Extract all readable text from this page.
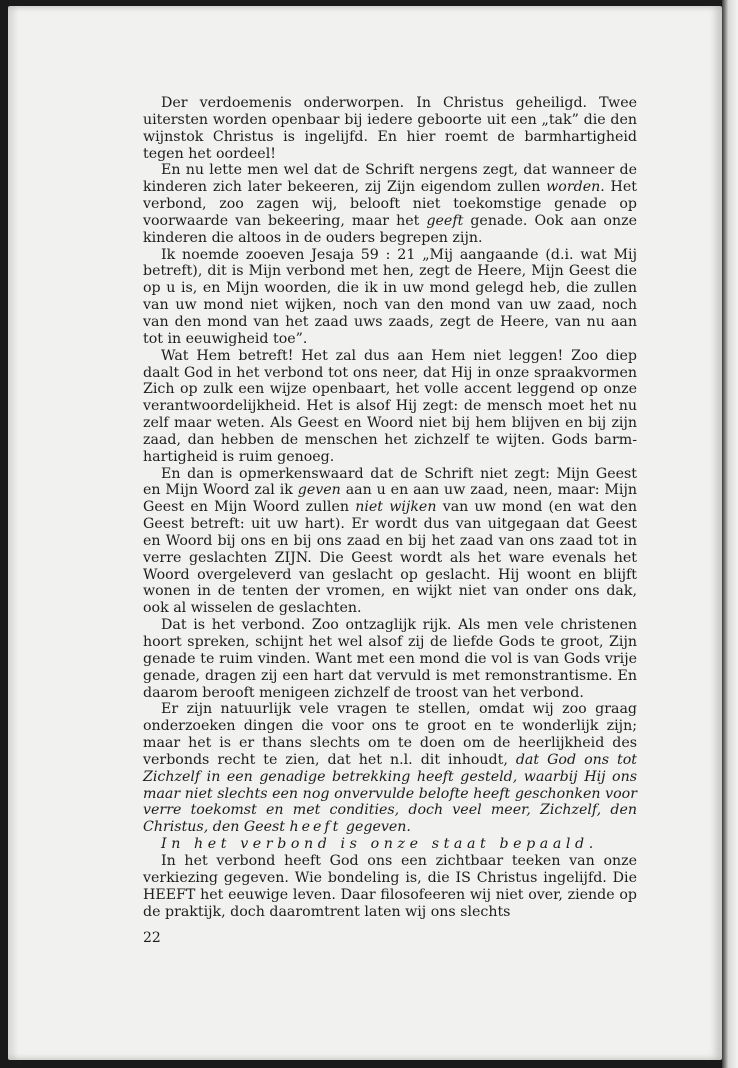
Der verdoemenis onderworpen. In Christus geheiligd. Twee uitersten worden openbaar bij iedere geboorte uit een „tak” die den wijnstok Christus is ingelijfd. En hier roemt de barmhartigheid tegen het oordeel!

En nu lette men wel dat de Schrift nergens zegt, dat wanneer de kinderen zich later bekeeren, zij Zijn eigendom zullen worden. Het verbond, zoo zagen wij, belooft niet toekomstige genade op voorwaarde van bekeering, maar het geeft genade. Ook aan onze kinderen die altoos in de ouders begrepen zijn.

Ik noemde zooeven Jesaja 59 : 21 „Mij aangaande (d.i. wat Mij betreft), dit is Mijn verbond met hen, zegt de Heere, Mijn Geest die op u is, en Mijn woorden, die ik in uw mond gelegd heb, die zullen van uw mond niet wijken, noch van den mond van uw zaad, noch van den mond van het zaad uws zaads, zegt de Heere, van nu aan tot in eeuwigheid toe”.

Wat Hem betreft! Het zal dus aan Hem niet leggen! Zoo diep daalt God in het verbond tot ons neer, dat Hij in onze spraakvormen Zich op zulk een wijze openbaart, het volle accent leggend op onze verantwoordelijkheid. Het is alsof Hij zegt: de mensch moet het nu zelf maar weten. Als Geest en Woord niet bij hem blijven en bij zijn zaad, dan hebben de menschen het zichzelf te wijten. Gods barm-hartigheid is ruim genoeg.

En dan is opmerkenswaard dat de Schrift niet zegt: Mijn Geest en Mijn Woord zal ik geven aan u en aan uw zaad, neen, maar: Mijn Geest en Mijn Woord zullen niet wijken van uw mond (en wat den Geest betreft: uit uw hart). Er wordt dus van uitgegaan dat Geest en Woord bij ons en bij ons zaad en bij het zaad van ons zaad tot in verre geslachten ZIJN. Die Geest wordt als het ware evenals het Woord overgeleverd van geslacht op geslacht. Hij woont en blijft wonen in de tenten der vromen, en wijkt niet van onder ons dak, ook al wisselen de geslachten.

Dat is het verbond. Zoo ontzaglijk rijk. Als men vele christenen hoort spreken, schijnt het wel alsof zij de liefde Gods te groot, Zijn genade te ruim vinden. Want met een mond die vol is van Gods vrije genade, dragen zij een hart dat vervuld is met remonstrantisme. En daarom berooft menigeen zichzelf de troost van het verbond.

Er zijn natuurlijk vele vragen te stellen, omdat wij zoo graag onderzoeken dingen die voor ons te groot en te wonderlijk zijn; maar het is er thans slechts om te doen om de heerlijkheid des verbonds recht te zien, dat het n.l. dit inhoudt, dat God ons tot Zichzelf in een genadige betrekking heeft gesteld, waarbij Hij ons maar niet slechts een nog onvervulde belofte heeft geschonken voor verre toekomst en met condities, doch veel meer, Zichzelf, den Christus, den Geest heeft gegeven.

In het verbond is onze staat bepaald.

In het verbond heeft God ons een zichtbaar teeken van onze verkiezing gegeven. Wie bondeling is, die IS Christus ingelijfd. Die HEEFT het eeuwige leven. Daar filosofeeren wij niet over, ziende op de praktijk, doch daaromtrent laten wij ons slechts

22
